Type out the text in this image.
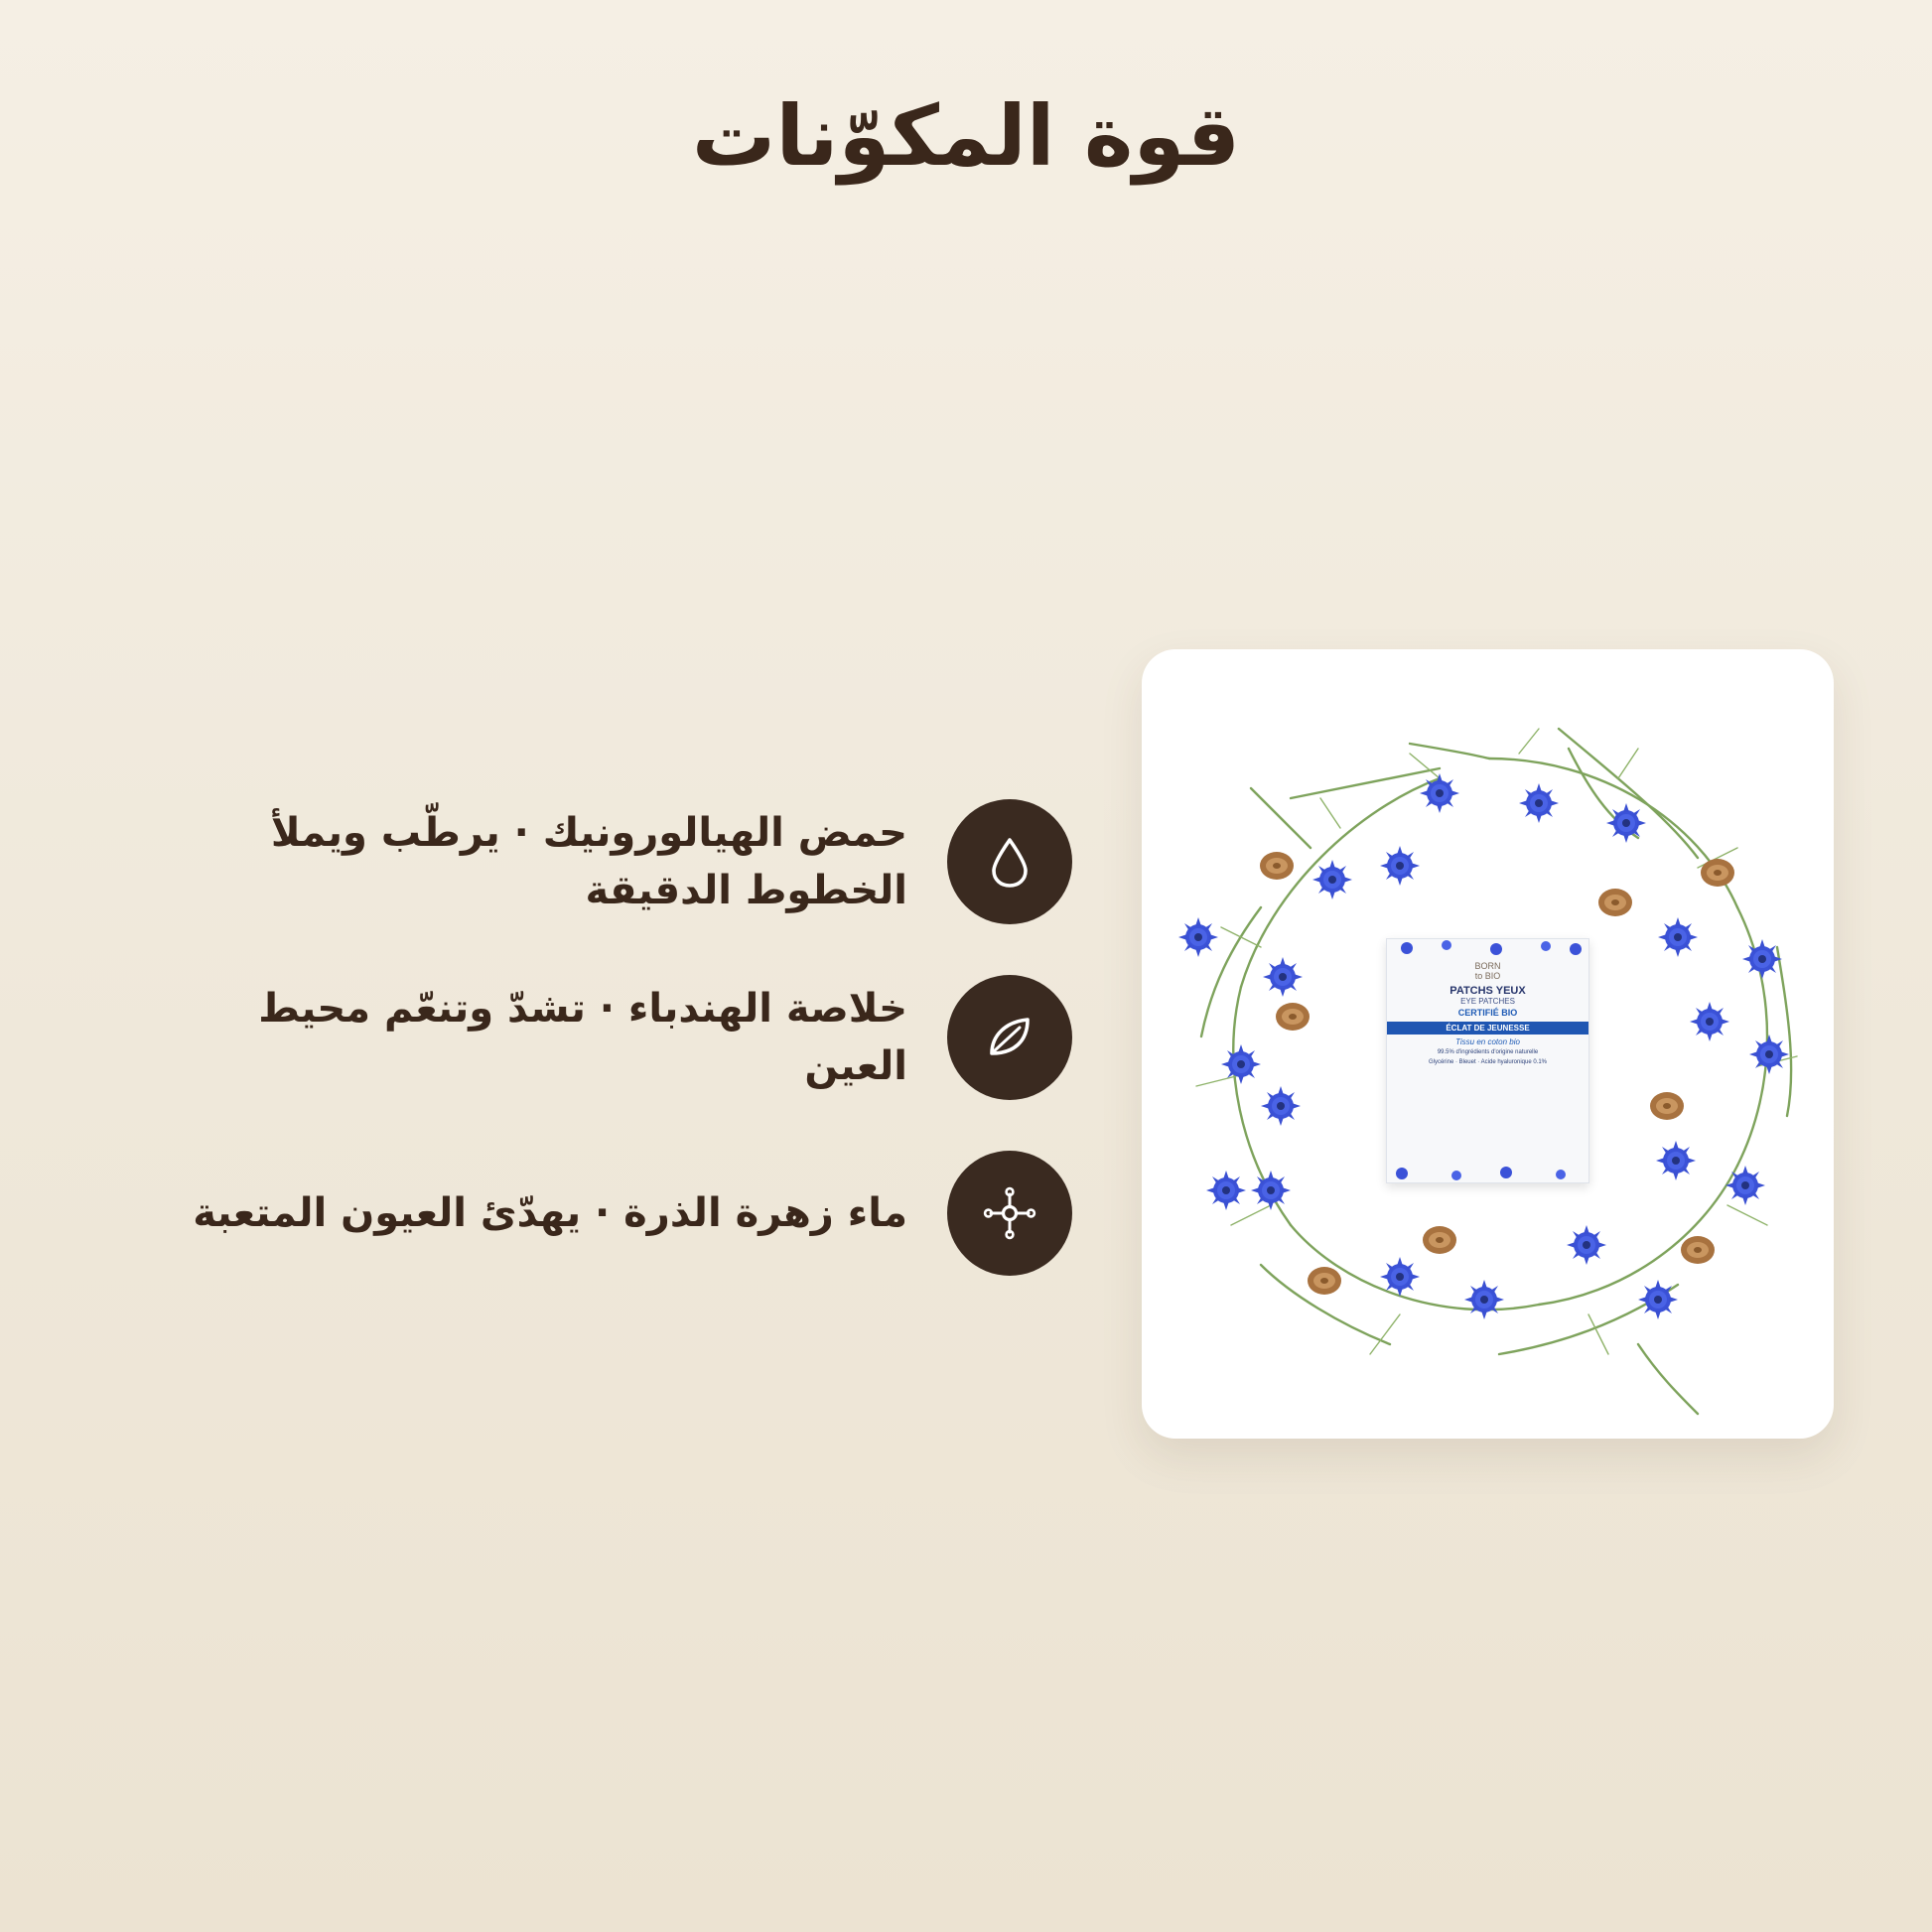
قوة المكوّنات
حمض الهيالورونيك · يرطّب ويملأ الخطوط الدقيقة
خلاصة الهندباء · تشدّ وتنعّم محيط العين
ماء زهرة الذرة · يهدّئ العيون المتعبة
BORN
to BIO
PATCHS YEUX
EYE PATCHES
CERTIFIÉ BIO
ÉCLAT DE JEUNESSE
Tissu en coton bio
99.5% d'ingrédients d'origine naturelle
Glycérine · Bleuet · Acide hyaluronique 0.1%
